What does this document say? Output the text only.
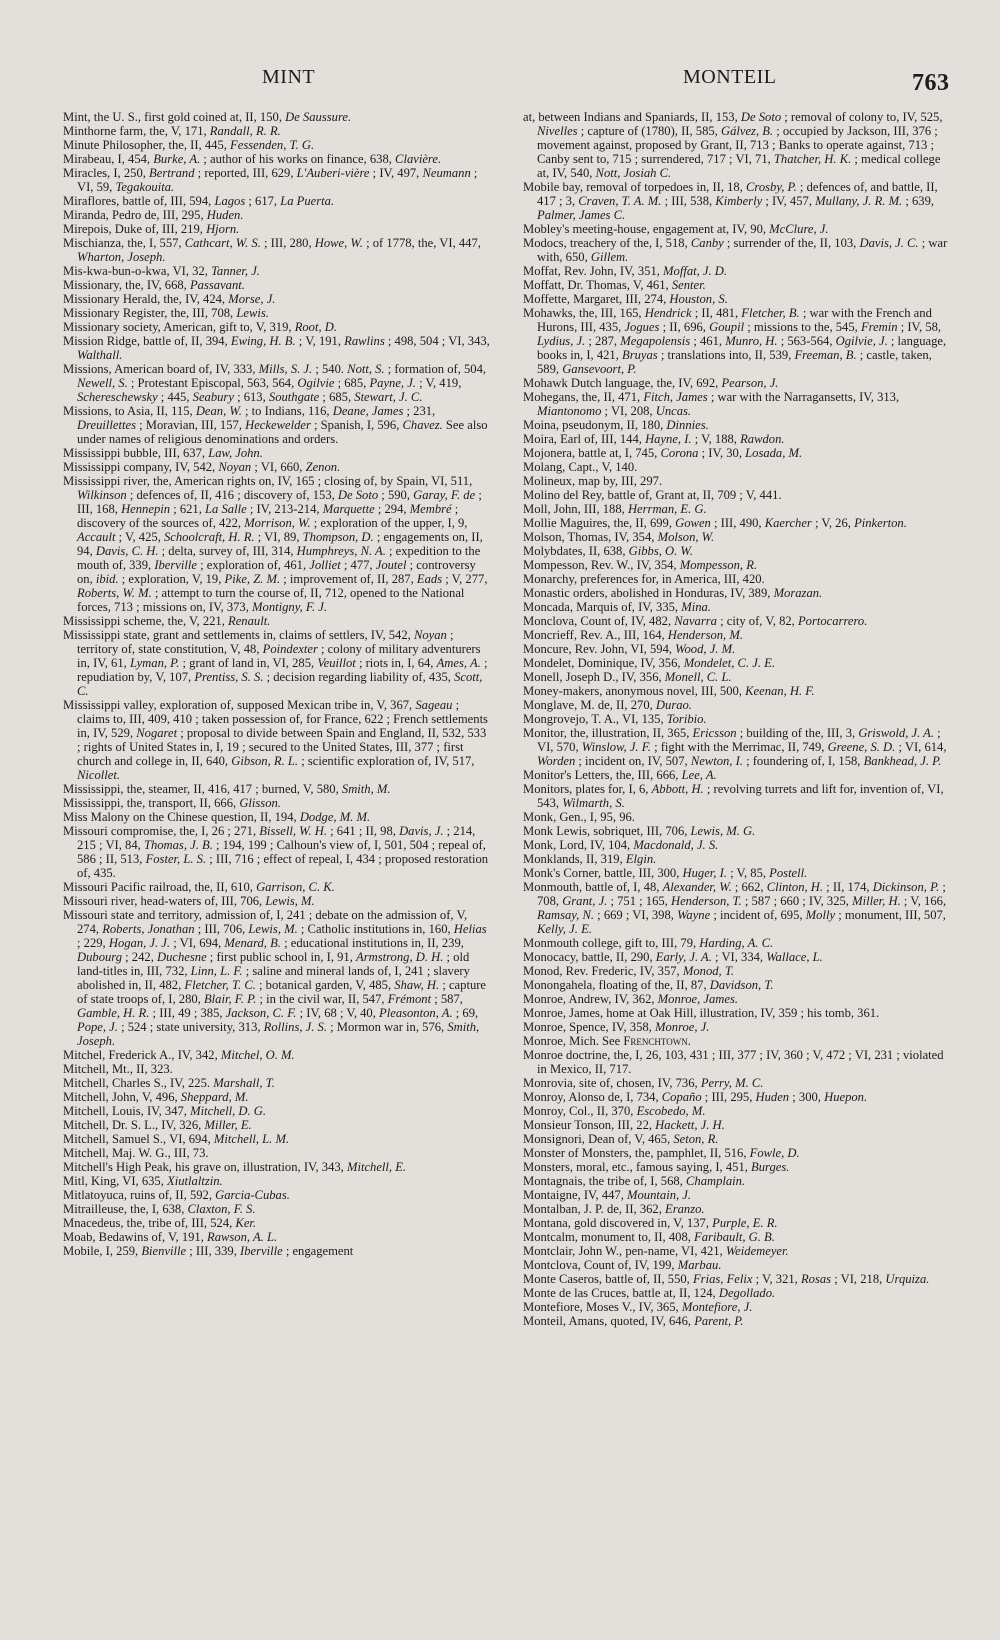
MINT	MONTEIL	763

Mint, the U. S., first gold coined at, II, 150, De Saussure.

Minthorne farm, the, V, 171, Randall, R. R.

Minute Philosopher, the, II, 445, Fessenden, T. G.

Mirabeau, I, 454, Burke, A. ; author of his works on finance, 638, Clavière.

Miracles, I, 250, Bertrand ; reported, III, 629, L'Auberi-vière ; IV, 497, Neumann ; VI, 59, Tegakouita.

Miraflores, battle of, III, 594, Lagos ; 617, La Puerta.

Miranda, Pedro de, III, 295, Huden.

Mirepois, Duke of, III, 219, Hjorn.

Mischianza, the, I, 557, Cathcart, W. S. ; III, 280, Howe, W. ; of 1778, the, VI, 447, Wharton, Joseph.

Mis-kwa-bun-o-kwa, VI, 32, Tanner, J.

Missionary, the, IV, 668, Passavant.

Missionary Herald, the, IV, 424, Morse, J.

Missionary Register, the, III, 708, Lewis.

Missionary society, American, gift to, V, 319, Root, D.

Mission Ridge, battle of, II, 394, Ewing, H. B. ; V, 191, Rawlins ; 498, 504 ; VI, 343, Walthall.

Missions, American board of, IV, 333, Mills, S. J. ; 540. Nott, S. ; formation of, 504, Newell, S. ; Protestant Episcopal, 563, 564, Ogilvie ; 685, Payne, J. ; V, 419, Schereschewsky ; 445, Seabury ; 613, Southgate ; 685, Stewart, J. C.

Missions, to Asia, II, 115, Dean, W. ; to Indians, 116, Deane, James ; 231, Dreuillettes ; Moravian, III, 157, Heckewelder ; Spanish, I, 596, Chavez. See also under names of religious denominations and orders.

Mississippi bubble, III, 637, Law, John.

Mississippi company, IV, 542, Noyan ; VI, 660, Zenon.

Mississippi river, the, American rights on, IV, 165 ; closing of, by Spain, VI, 511, Wilkinson ; defences of, II, 416 ; discovery of, 153, De Soto ; 590, Garay, F. de ; III, 168, Hennepin ; 621, La Salle ; IV, 213-214, Marquette ; 294, Membré ; discovery of the sources of, 422, Morrison, W. ; exploration of the upper, I, 9, Accault ; V, 425, Schoolcraft, H. R. ; VI, 89, Thompson, D. ; engagements on, II, 94, Davis, C. H. ; delta, survey of, III, 314, Humphreys, N. A. ; expedition to the mouth of, 339, Iberville ; exploration of, 461, Jolliet ; 477, Joutel ; controversy on, ibid. ; exploration, V, 19, Pike, Z. M. ; improvement of, II, 287, Eads ; V, 277, Roberts, W. M. ; attempt to turn the course of, II, 712, opened to the National forces, 713 ; missions on, IV, 373, Montigny, F. J.

Mississippi scheme, the, V, 221, Renault.

Mississippi state, grant and settlements in, claims of settlers, IV, 542, Noyan ; territory of, state constitution, V, 48, Poindexter ; colony of military adventurers in, IV, 61, Lyman, P. ; grant of land in, VI, 285, Veuillot ; riots in, I, 64, Ames, A. ; repudiation by, V, 107, Prentiss, S. S. ; decision regarding liability of, 435, Scott, C.

Mississippi valley, exploration of, supposed Mexican tribe in, V, 367, Sageau ; claims to, III, 409, 410 ; taken possession of, for France, 622 ; French settlements in, IV, 529, Nogaret ; proposal to divide between Spain and England, II, 532, 533 ; rights of United States in, I, 19 ; secured to the United States, III, 377 ; first church and college in, II, 640, Gibson, R. L. ; scientific exploration of, IV, 517, Nicollet.

Mississippi, the, steamer, II, 416, 417 ; burned, V, 580, Smith, M.

Mississippi, the, transport, II, 666, Glisson.

Miss Malony on the Chinese question, II, 194, Dodge, M. M.

Missouri compromise, the, I, 26 ; 271, Bissell, W. H. ; 641 ; II, 98, Davis, J. ; 214, 215 ; VI, 84, Thomas, J. B. ; 194, 199 ; Calhoun's view of, I, 501, 504 ; repeal of, 586 ; II, 513, Foster, L. S. ; III, 716 ; effect of repeal, I, 434 ; proposed restoration of, 435.

Missouri Pacific railroad, the, II, 610, Garrison, C. K.

Missouri river, head-waters of, III, 706, Lewis, M.

Missouri state and territory, admission of, I, 241 ; debate on the admission of, V, 274, Roberts, Jonathan ; III, 706, Lewis, M. ; Catholic institutions in, 160, Helias ; 229, Hogan, J. J. ; VI, 694, Menard, B. ; educational institutions in, II, 239, Dubourg ; 242, Duchesne ; first public school in, I, 91, Armstrong, D. H. ; old land-titles in, III, 732, Linn, L. F. ; saline and mineral lands of, I, 241 ; slavery abolished in, II, 482, Fletcher, T. C. ; botanical garden, V, 485, Shaw, H. ; capture of state troops of, I, 280, Blair, F. P. ; in the civil war, II, 547, Frémont ; 587, Gamble, H. R. ; III, 49 ; 385, Jackson, C. F. ; IV, 68 ; V, 40, Pleasonton, A. ; 69, Pope, J. ; 524 ; state university, 313, Rollins, J. S. ; Mormon war in, 576, Smith, Joseph.

Mitchel, Frederick A., IV, 342, Mitchel, O. M.

Mitchell, Mt., II, 323.

Mitchell, Charles S., IV, 225. Marshall, T.

Mitchell, John, V, 496, Sheppard, M.

Mitchell, Louis, IV, 347, Mitchell, D. G.

Mitchell, Dr. S. L., IV, 326, Miller, E.

Mitchell, Samuel S., VI, 694, Mitchell, L. M.

Mitchell, Maj. W. G., III, 73.

Mitchell's High Peak, his grave on, illustration, IV, 343, Mitchell, E.

Mitl, King, VI, 635, Xiutlaltzin.

Mitlatoyuca, ruins of, II, 592, Garcia-Cubas.

Mitrailleuse, the, I, 638, Claxton, F. S.

Mnacedeus, the, tribe of, III, 524, Ker.

Moab, Bedawins of, V, 191, Rawson, A. L.

Mobile, I, 259, Bienville ; III, 339, Iberville ; engagement

at, between Indians and Spaniards, II, 153, De Soto ; removal of colony to, IV, 525, Nivelles ; capture of (1780), II, 585, Gálvez, B. ; occupied by Jackson, III, 376 ; movement against, proposed by Grant, II, 713 ; Banks to operate against, 713 ; Canby sent to, 715 ; surrendered, 717 ; VI, 71, Thatcher, H. K. ; medical college at, IV, 540, Nott, Josiah C.

Mobile bay, removal of torpedoes in, II, 18, Crosby, P. ; defences of, and battle, II, 417 ; 3, Craven, T. A. M. ; III, 538, Kimberly ; IV, 457, Mullany, J. R. M. ; 639, Palmer, James C.

Mobley's meeting-house, engagement at, IV, 90, McClure, J.

Modocs, treachery of the, I, 518, Canby ; surrender of the, II, 103, Davis, J. C. ; war with, 650, Gillem.

Moffat, Rev. John, IV, 351, Moffat, J. D.

Moffatt, Dr. Thomas, V, 461, Senter.

Moffette, Margaret, III, 274, Houston, S.

Mohawks, the, III, 165, Hendrick ; II, 481, Fletcher, B. ; war with the French and Hurons, III, 435, Jogues ; II, 696, Goupil ; missions to the, 545, Fremin ; IV, 58, Lydius, J. ; 287, Megapolensis ; 461, Munro, H. ; 563-564, Ogilvie, J. ; language, books in, I, 421, Bruyas ; translations into, II, 539, Freeman, B. ; castle, taken, 589, Gansevoort, P.

Mohawk Dutch language, the, IV, 692, Pearson, J.

Mohegans, the, II, 471, Fitch, James ; war with the Narragansetts, IV, 313, Miantonomo ; VI, 208, Uncas.

Moina, pseudonym, II, 180, Dinnies.

Moira, Earl of, III, 144, Hayne, I. ; V, 188, Rawdon.

Mojonera, battle at, I, 745, Corona ; IV, 30, Losada, M.

Molang, Capt., V, 140.

Molineux, map by, III, 297.

Molino del Rey, battle of, Grant at, II, 709 ; V, 441.

Moll, John, III, 188, Herrman, E. G.

Mollie Maguires, the, II, 699, Gowen ; III, 490, Kaercher ; V, 26, Pinkerton.

Molson, Thomas, IV, 354, Molson, W.

Molybdates, II, 638, Gibbs, O. W.

Mompesson, Rev. W., IV, 354, Mompesson, R.

Monarchy, preferences for, in America, III, 420.

Monastic orders, abolished in Honduras, IV, 389, Morazan.

Moncada, Marquis of, IV, 335, Mina.

Monclova, Count of, IV, 482, Navarra ; city of, V, 82, Portocarrero.

Moncrieff, Rev. A., III, 164, Henderson, M.

Moncure, Rev. John, VI, 594, Wood, J. M.

Mondelet, Dominique, IV, 356, Mondelet, C. J. E.

Monell, Joseph D., IV, 356, Monell, C. L.

Money-makers, anonymous novel, III, 500, Keenan, H. F.

Monglave, M. de, II, 270, Durao.

Mongrovejo, T. A., VI, 135, Toribio.

Monitor, the, illustration, II, 365, Ericsson ; building of the, III, 3, Griswold, J. A. ; VI, 570, Winslow, J. F. ; fight with the Merrimac, II, 749, Greene, S. D. ; VI, 614, Worden ; incident on, IV, 507, Newton, I. ; foundering of, I, 158, Bankhead, J. P.

Monitor's Letters, the, III, 666, Lee, A.

Monitors, plates for, I, 6, Abbott, H. ; revolving turrets and lift for, invention of, VI, 543, Wilmarth, S.

Monk, Gen., I, 95, 96.

Monk Lewis, sobriquet, III, 706, Lewis, M. G.

Monk, Lord, IV, 104, Macdonald, J. S.

Monklands, II, 319, Elgin.

Monk's Corner, battle, III, 300, Huger, I. ; V, 85, Postell.

Monmouth, battle of, I, 48, Alexander, W. ; 662, Clinton, H. ; II, 174, Dickinson, P. ; 708, Grant, J. ; 751 ; 165, Henderson, T. ; 587 ; 660 ; IV, 325, Miller, H. ; V, 166, Ramsay, N. ; 669 ; VI, 398, Wayne ; incident of, 695, Molly ; monument, III, 507, Kelly, J. E.

Monmouth college, gift to, III, 79, Harding, A. C.

Monocacy, battle, II, 290, Early, J. A. ; VI, 334, Wallace, L.

Monod, Rev. Frederic, IV, 357, Monod, T.

Monongahela, floating of the, II, 87, Davidson, T.

Monroe, Andrew, IV, 362, Monroe, James.

Monroe, James, home at Oak Hill, illustration, IV, 359 ; his tomb, 361.

Monroe, Spence, IV, 358, Monroe, J.

Monroe, Mich. See Frenchtown.

Monroe doctrine, the, I, 26, 103, 431 ; III, 377 ; IV, 360 ; V, 472 ; VI, 231 ; violated in Mexico, II, 717.

Monrovia, site of, chosen, IV, 736, Perry, M. C.

Monroy, Alonso de, I, 734, Copaño ; III, 295, Huden ; 300, Huepon.

Monroy, Col., II, 370, Escobedo, M.

Monsieur Tonson, III, 22, Hackett, J. H.

Monsignori, Dean of, V, 465, Seton, R.

Monster of Monsters, the, pamphlet, II, 516, Fowle, D.

Monsters, moral, etc., famous saying, I, 451, Burges.

Montagnais, the tribe of, I, 568, Champlain.

Montaigne, IV, 447, Mountain, J.

Montalban, J. P. de, II, 362, Eranzo.

Montana, gold discovered in, V, 137, Purple, E. R.

Montcalm, monument to, II, 408, Faribault, G. B.

Montclair, John W., pen-name, VI, 421, Weidemeyer.

Montclova, Count of, IV, 199, Marbau.

Monte Caseros, battle of, II, 550, Frias, Felix ; V, 321, Rosas ; VI, 218, Urquiza.

Monte de las Cruces, battle at, II, 124, Degollado.

Montefiore, Moses V., IV, 365, Montefiore, J.

Monteil, Amans, quoted, IV, 646, Parent, P.
